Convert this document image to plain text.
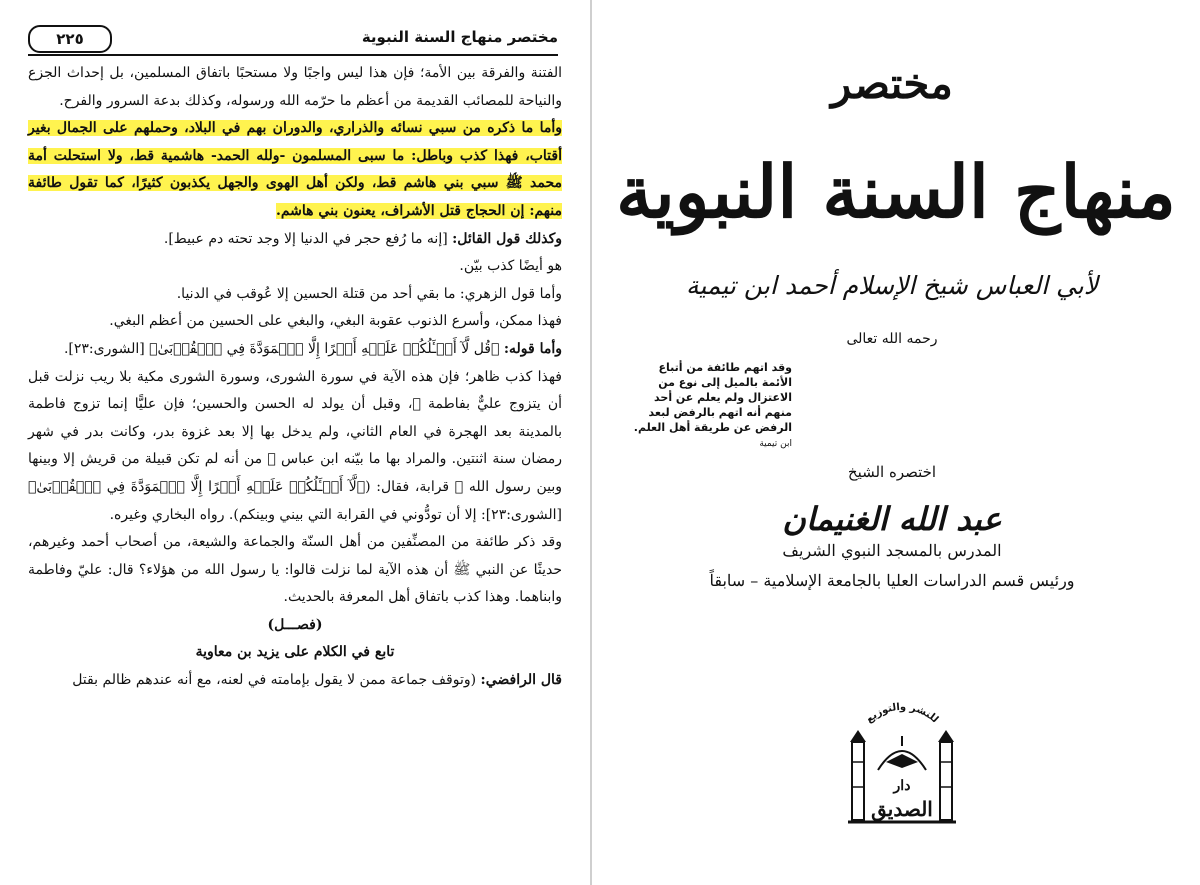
٢٢٥	مختصر منهاج السنة النبوية

الفتنة والفرقة بين الأمة؛ فإن هذا ليس واجبًا ولا مستحبًا باتفاق المسلمين، بل إحداث الجزع والنياحة للمصائب القديمة من أعظم ما حرّمه الله ورسوله، وكذلك بدعة السرور والفرح.

وأما ما ذكره من سبي نسائه والذراري، والدوران بهم في البلاد، وحملهم على الجمال بغير أقتاب، فهذا كذب وباطل: ما سبى المسلمون -ولله الحمد- هاشمية قط، ولا استحلت أمة محمد ﷺ سبي بني هاشم قط، ولكن أهل الهوى والجهل يكذبون كثيرًا، كما تقول طائفة منهم: إن الحجاج قتل الأشراف، يعنون بني هاشم.

وكذلك قول القائل: [إنه ما رُفع حجر في الدنيا إلا وجد تحته دم عبيط].

هو أيضًا كذب بيّن.

وأما قول الزهري: ما بقي أحد من قتلة الحسين إلا عُوقب في الدنيا.

فهذا ممكن، وأسرع الذنوب عقوبة البغي، والبغي على الحسين من أعظم البغي.

وأما قوله: ﴿قُل لَّآ أَسۡـَٔلُكُمۡ عَلَيۡهِ أَجۡرًا إِلَّا ٱلۡمَوَدَّةَ فِي ٱلۡقُرۡبَىٰ﴾ [الشورى:٢٣].

فهذا كذب ظاهر؛ فإن هذه الآية في سورة الشورى، وسورة الشورى مكية بلا ريب نزلت قبل أن يتزوج عليٌّ بفاطمة ﵂، وقبل أن يولد له الحسن والحسين؛ فإن عليًّا إنما تزوج فاطمة بالمدينة بعد الهجرة في العام الثاني، ولم يدخل بها إلا بعد غزوة بدر، وكانت بدر في شهر رمضان سنة اثنتين. والمراد بها ما بيّنه ابن عباس ﵄ من أنه لم تكن قبيلة من قريش إلا وبينها وبين رسول الله ﷺ قرابة، فقال: (﴿لَّآ أَسۡـَٔلُكُمۡ عَلَيۡهِ أَجۡرًا إِلَّا ٱلۡمَوَدَّةَ فِي ٱلۡقُرۡبَىٰ﴾ [الشورى:٢٣]: إلا أن تودُّوني في القرابة التي بيني وبينكم). رواه البخاري وغيره.

وقد ذكر طائفة من المصنِّفين من أهل السنّة والجماعة والشيعة، من أصحاب أحمد وغيرهم، حديثًا عن النبي ﷺ أن هذه الآية لما نزلت قالوا: يا رسول الله من هؤلاء؟ قال: عليّ وفاطمة وابناهما. وهذا كذب باتفاق أهل المعرفة بالحديث.

(فصـــل)

تابع في الكلام على يزيد بن معاوية

قال الرافضي: (وتوقف جماعة ممن لا يقول بإمامته في لعنه، مع أنه عندهم ظالم بقتل

مختصر
منهاج السنة النبوية
لأبي العباس شيخ الإسلام أحمد ابن تيمية
رحمه الله تعالى
وقد اتهم طائفة من أتباع الأئمة بالميل إلى نوع من الاعتزال ولم يعلم عن أحد منهم أنه اتهم بالرفض لبعد الرفض عن طريقة أهل العلم.
ابن تيمية
اختصره الشيخ
عبد الله الغنيمان
المدرس بالمسجد النبوي الشريف
ورئيس قسم الدراسات العليا بالجامعة الإسلامية – سابقاً
للنشر والتوزيع
دار
الصديق
